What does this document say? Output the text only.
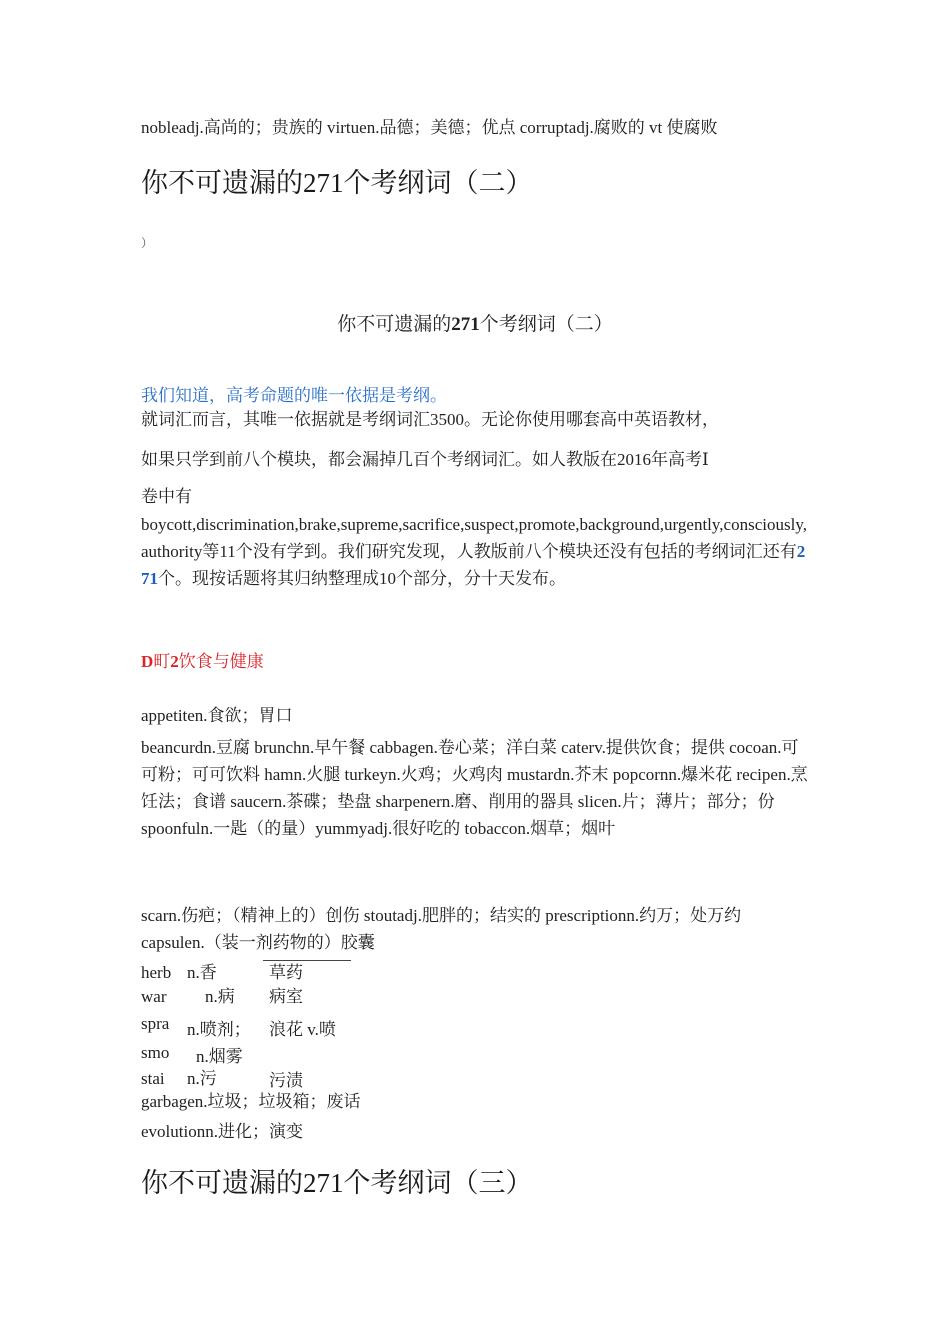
nobleadj.高尚的；贵族的 virtuen.品德；美德；优点 corruptadj.腐败的 vt 使腐败
你不可遗漏的271个考纲词（二）
）
你不可遗漏的271个考纲词（二）
我们知道，高考命题的唯一依据是考纲。
就词汇而言，其唯一依据就是考纲词汇3500。无论你使用哪套高中英语教材，
如果只学到前八个模块，都会漏掉几百个考纲词汇。如人教版在2016年高考Ⅰ
卷中有
boycott,discrimination,brake,supreme,sacrifice,suspect,promote,background,urgently,consciously,authority等11个没有学到。我们研究发现，人教版前八个模块还没有包括的考纲词汇还有271个。现按话题将其归纳整理成10个部分，分十天发布。
D町2饮食与健康
appetiten.食欲；胃口
beancurdn.豆腐 brunchn.早午餐 cabbagen.卷心菜；洋白菜 caterv.提供饮食；提供 cocoan.可可粉；可可饮料 hamn.火腿 turkeyn.火鸡；火鸡肉 mustardn.芥末 popcornn.爆米花 recipen.烹饪法；食谱 saucern.茶碟；垫盘 sharpenern.磨、削用的器具 slicen.片；薄片；部分；份 spoonfuln.一匙（的量）yummyadj.很好吃的 tobaccon.烟草；烟叶
scarn.伤疤；（精神上的）创伤 stoutadj.肥胖的；结实的 prescriptionn.约万；处万约 capsulen.（装一剂药物的）胶囊
herb n.香	草药
war n.病 病室
spra n.喷剂； 浪花 v.喷
smo n.烟雾
stai n.污	污渍
garbagen.垃圾；垃圾箱；废话
evolutionn.进化；演变
你不可遗漏的271个考纲词（三）
